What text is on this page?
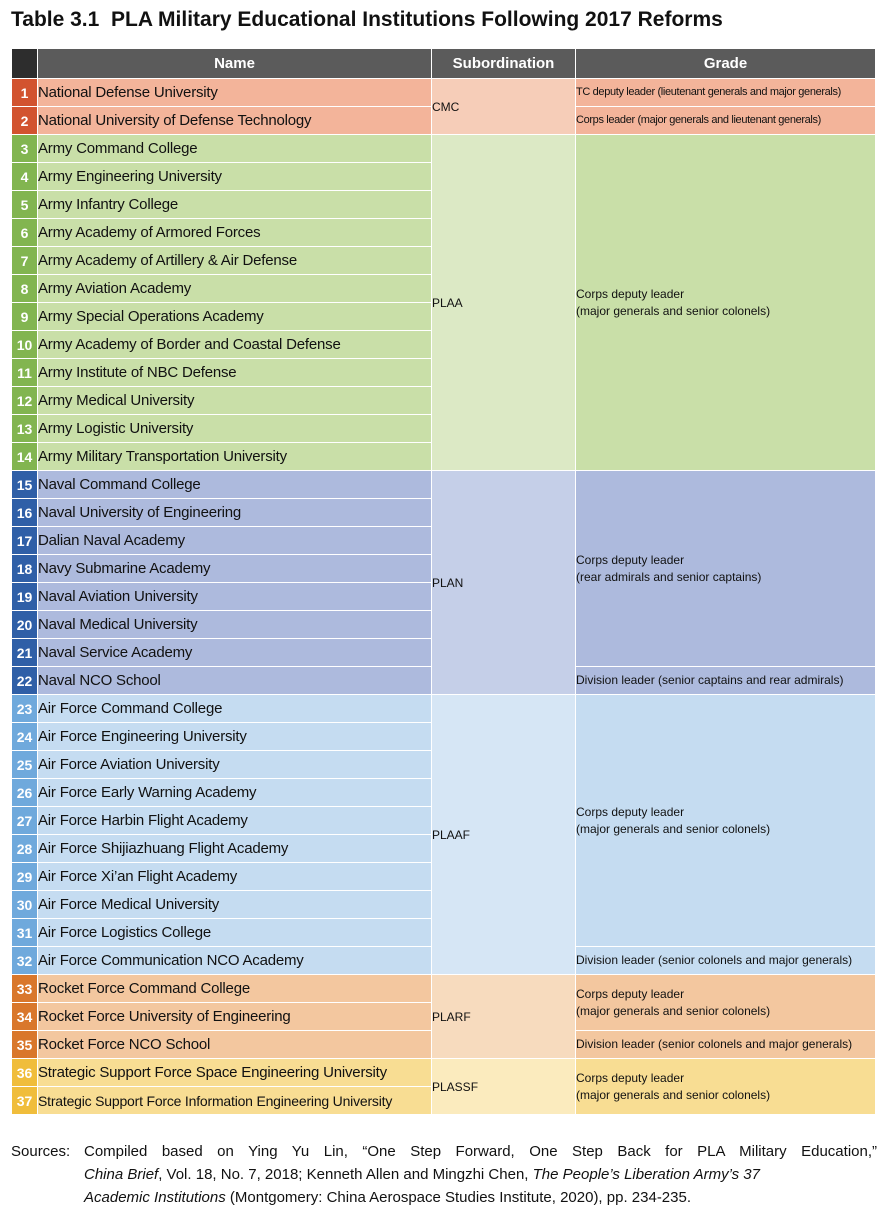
Table 3.1 PLA Military Educational Institutions Following 2017 Reforms
	Name	Subordination	Grade
1	National Defense University	CMC	TC deputy leader (lieutenant generals and major generals)

2	National University of Defense Technology		Corps leader (major generals and lieutenant generals)

3	Army Command College	PLAA	Corps deputy leader
(major generals and senior colonels)

4	Army Engineering University		
5	Army Infantry College		
6	Army Academy of Armored Forces		
7	Army Academy of Artillery & Air Defense		
8	Army Aviation Academy		
9	Army Special Operations Academy		
10	Army Academy of Border and Coastal Defense		
11	Army Institute of NBC Defense		
12	Army Medical University		
13	Army Logistic University		
14	Army Military Transportation University		
15	Naval Command College	PLAN	Corps deputy leader
(rear admirals and senior captains)

16	Naval University of Engineering		
17	Dalian Naval Academy		
18	Navy Submarine Academy		
19	Naval Aviation University		
20	Naval Medical University		
21	Naval Service Academy		
22	Naval NCO School		Division leader (senior captains and rear admirals)

23	Air Force Command College	PLAAF	Corps deputy leader
(major generals and senior colonels)

24	Air Force Engineering University		
25	Air Force Aviation University		
26	Air Force Early Warning Academy		
27	Air Force Harbin Flight Academy		
28	Air Force Shijiazhuang Flight Academy		
29	Air Force Xi’an Flight Academy		
30	Air Force Medical University		
31	Air Force Logistics College		
32	Air Force Communication NCO Academy		Division leader (senior colonels and major generals)

33	Rocket Force Command College	PLARF	Corps deputy leader
(major generals and senior colonels)

34	Rocket Force University of Engineering		
35	Rocket Force NCO School		Division leader (senior colonels and major generals)

36	Strategic Support Force Space Engineering University	PLASSF	Corps deputy leader
(major generals and senior colonels)

37	Strategic Support Force Information Engineering University		
Sources: Compiled based on Ying Yu Lin, “One Step Forward, One Step Back for PLA Military Education,”
China Brief, Vol. 18, No. 7, 2018; Kenneth Allen and Mingzhi Chen, The People’s Liberation Army’s 37
Academic Institutions (Montgomery: China Aerospace Studies Institute, 2020), pp. 234-235.
